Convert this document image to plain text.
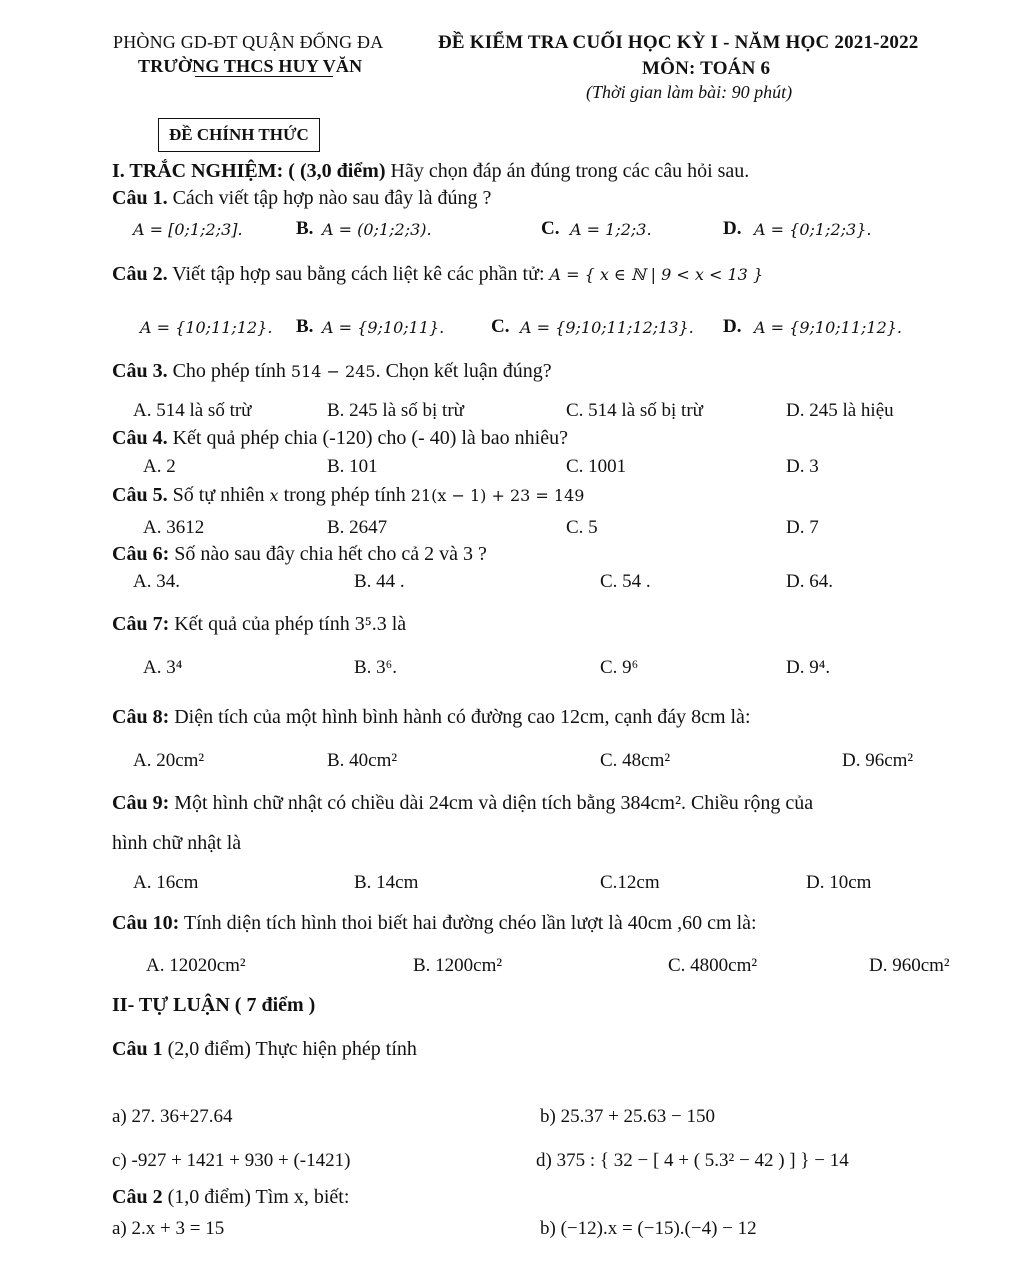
PHÒNG GD-ĐT QUẬN ĐỐNG ĐA	ĐỀ KIỂM TRA CUỐI HỌC KỲ I - NĂM HỌC 2021-2022
TRƯỜNG THCS HUY VĂN	MÔN: TOÁN 6
(Thời gian làm bài: 90 phút)
ĐỀ CHÍNH THỨC
I. TRẮC NGHIỆM: ( (3,0 điểm) Hãy chọn đáp án đúng trong các câu hỏi sau.
Câu 1. Cách viết tập hợp nào sau đây là đúng ?
A = [0;1;2;3].	B. A = (0;1;2;3).	C. A = 1;2;3.	D. A = {0;1;2;3}.
Câu 2. Viết tập hợp sau bằng cách liệt kê các phần tử: A = { x ∈ ℕ | 9 < x < 13 }
A = {10;11;12}. B. A = {9;10;11}. C. A = {9;10;11;12;13}. D. A = {9;10;11;12}.
Câu 3. Cho phép tính 514 − 245. Chọn kết luận đúng?
A. 514 là số trừ	B. 245 là số bị trừ	C. 514 là số bị trừ	D. 245 là hiệu
Câu 4. Kết quả phép chia (-120) cho (- 40) là bao nhiêu?
A. 2	B. 101	C. 1001	D. 3
Câu 5. Số tự nhiên x trong phép tính 21(x − 1) + 23 = 149
A. 3612	B. 2647	C. 5	D. 7
Câu 6: Số nào sau đây chia hết cho cả 2 và 3 ?
A. 34.	B. 44 .	C. 54 .	D. 64.
Câu 7: Kết quả của phép tính 3⁵.3 là
A. 3⁴	B. 3⁶.	C. 9⁶	D. 9⁴.
Câu 8: Diện tích của một hình bình hành có đường cao 12cm, cạnh đáy 8cm là:
A. 20cm²	B. 40cm²	C. 48cm²	D. 96cm²
Câu 9: Một hình chữ nhật có chiều dài 24cm và diện tích bằng 384cm². Chiều rộng của
hình chữ nhật là
A. 16cm	B. 14cm	C.12cm	D. 10cm
Câu 10: Tính diện tích hình thoi biết hai đường chéo lần lượt là 40cm ,60 cm là:
A. 12020cm²	B. 1200cm²	C. 4800cm²	D. 960cm²
II- TỰ LUẬN ( 7 điểm )
Câu 1 (2,0 điểm) Thực hiện phép tính
a) 27. 36+27.64	b) 25.37 + 25.63 − 150
c) -927 + 1421 + 930 + (-1421)	d) 375 : { 32 − [ 4 + ( 5.3² − 42 ) ] } − 14
Câu 2 (1,0 điểm) Tìm x, biết:
a) 2.x + 3 = 15	b) (−12).x = (−15).(−4) − 12
